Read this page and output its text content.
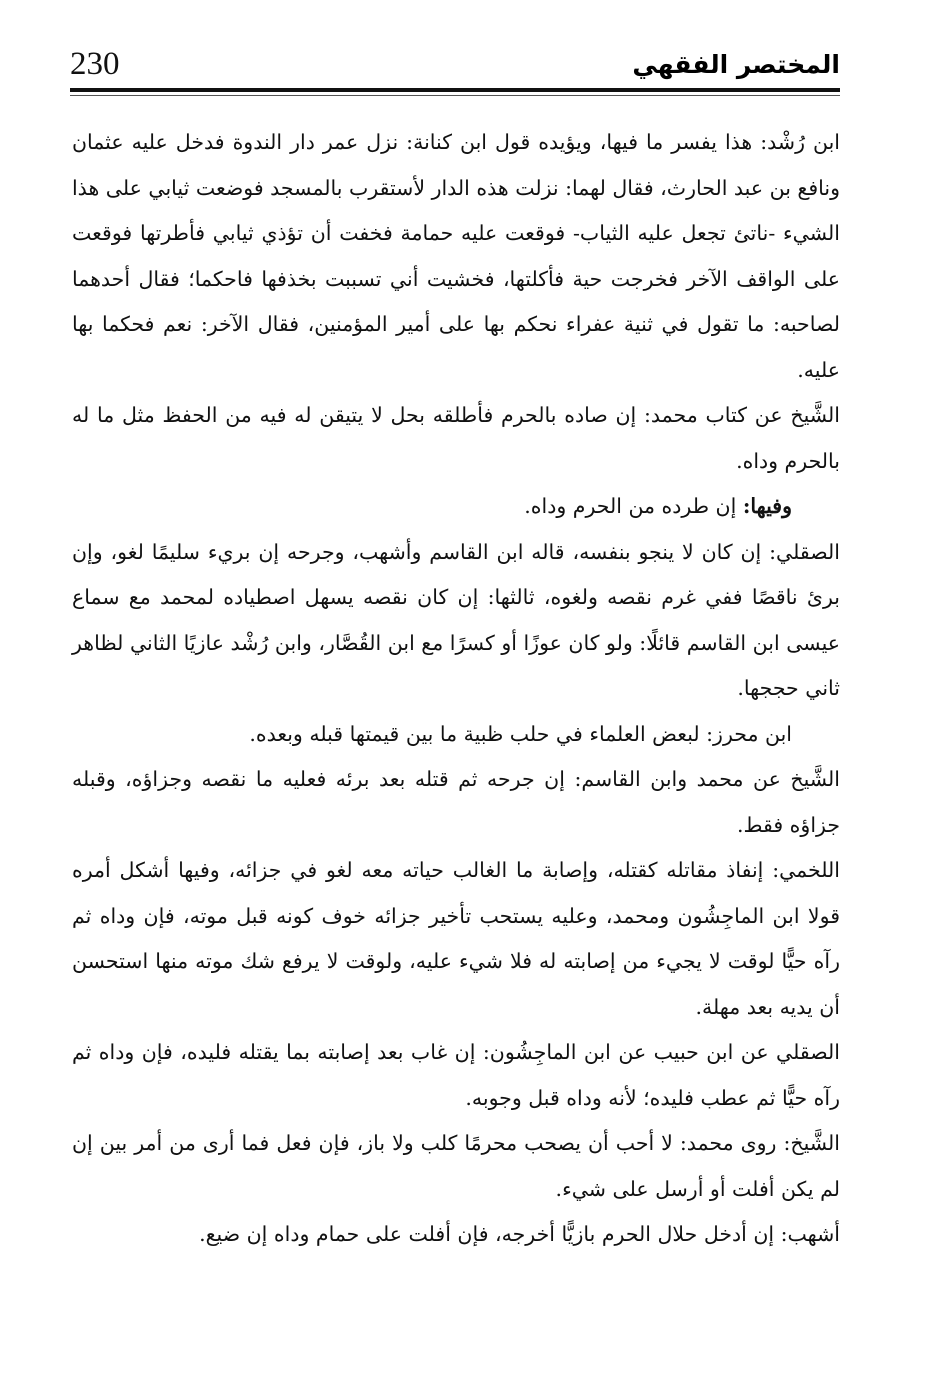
230	المختصر الفقهي

ابن رُشْد: هذا يفسر ما فيها، ويؤيده قول ابن كنانة: نزل عمر دار الندوة فدخل عليه عثمان ونافع بن عبد الحارث، فقال لهما: نزلت هذه الدار لأستقرب بالمسجد فوضعت ثيابي على هذا الشيء -ناتئ تجعل عليه الثياب- فوقعت عليه حمامة فخفت أن تؤذي ثيابي فأطرتها فوقعت على الواقف الآخر فخرجت حية فأكلتها، فخشيت أني تسببت بخذفها فاحكما؛ فقال أحدهما لصاحبه: ما تقول في ثنية عفراء نحكم بها على أمير المؤمنين، فقال الآخر: نعم فحكما بها عليه.

الشَّيخ عن كتاب محمد: إن صاده بالحرم فأطلقه بحل لا يتيقن له فيه من الحفظ مثل ما له بالحرم وداه.

وفيها: إن طرده من الحرم وداه.

الصقلي: إن كان لا ينجو بنفسه، قاله ابن القاسم وأشهب، وجرحه إن بريء سليمًا لغو، وإن برئ ناقصًا ففي غرم نقصه ولغوه، ثالثها: إن كان نقصه يسهل اصطياده لمحمد مع سماع عيسى ابن القاسم قائلًا: ولو كان عوزًا أو كسرًا مع ابن القُصَّار، وابن رُشْد عازيًا الثاني لظاهر ثاني حججها.

ابن محرز: لبعض العلماء في حلب ظبية ما بين قيمتها قبله وبعده.

الشَّيخ عن محمد وابن القاسم: إن جرحه ثم قتله بعد برئه فعليه ما نقصه وجزاؤه، وقبله جزاؤه فقط.

اللخمي: إنفاذ مقاتله كقتله، وإصابة ما الغالب حياته معه لغو في جزائه، وفيها أشكل أمره قولا ابن الماجِشُون ومحمد، وعليه يستحب تأخير جزائه خوف كونه قبل موته، فإن وداه ثم رآه حيًّا لوقت لا يجيء من إصابته له فلا شيء عليه، ولوقت لا يرفع شك موته منها استحسن أن يديه بعد مهلة.

الصقلي عن ابن حبيب عن ابن الماجِشُون: إن غاب بعد إصابته بما يقتله فليده، فإن وداه ثم رآه حيًّا ثم عطب فليده؛ لأنه وداه قبل وجوبه.

الشَّيخ: روى محمد: لا أحب أن يصحب محرمًا كلب ولا باز، فإن فعل فما أرى من أمر بين إن لم يكن أفلت أو أرسل على شيء.

أشهب: إن أدخل حلال الحرم بازيًّا أخرجه، فإن أفلت على حمام وداه إن ضيع.
